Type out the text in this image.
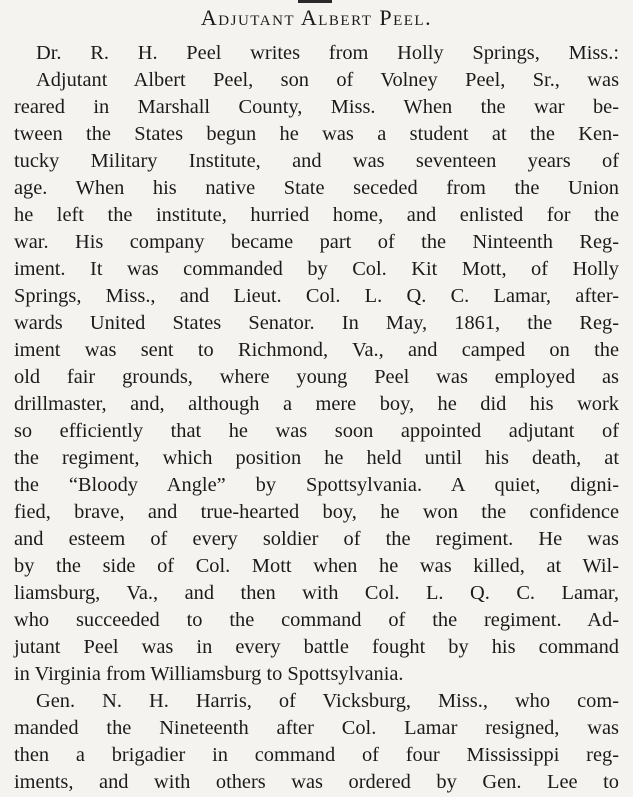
Adjutant Albert Peel.
Dr. R. H. Peel writes from Holly Springs, Miss.:
Adjutant Albert Peel, son of Volney Peel, Sr., was
reared in Marshall County, Miss. When the war be-
tween the States begun he was a student at the Ken-
tucky Military Institute, and was seventeen years of
age. When his native State seceded from the Union
he left the institute, hurried home, and enlisted for the
war. His company became part of the Ninteenth Reg-
iment. It was commanded by Col. Kit Mott, of Holly
Springs, Miss., and Lieut. Col. L. Q. C. Lamar, after-
wards United States Senator. In May, 1861, the Reg-
iment was sent to Richmond, Va., and camped on the
old fair grounds, where young Peel was employed as
drillmaster, and, although a mere boy, he did his work
so efficiently that he was soon appointed adjutant of
the regiment, which position he held until his death, at
the “Bloody Angle” by Spottsylvania. A quiet, digni-
fied, brave, and true-hearted boy, he won the confidence
and esteem of every soldier of the regiment. He was
by the side of Col. Mott when he was killed, at Wil-
liamsburg, Va., and then with Col. L. Q. C. Lamar,
who succeeded to the command of the regiment. Ad-
jutant Peel was in every battle fought by his command
in Virginia from Williamsburg to Spottsylvania.
Gen. N. H. Harris, of Vicksburg, Miss., who com-
manded the Nineteenth after Col. Lamar resigned, was
then a brigadier in command of four Mississippi reg-
iments, and with others was ordered by Gen. Lee to
